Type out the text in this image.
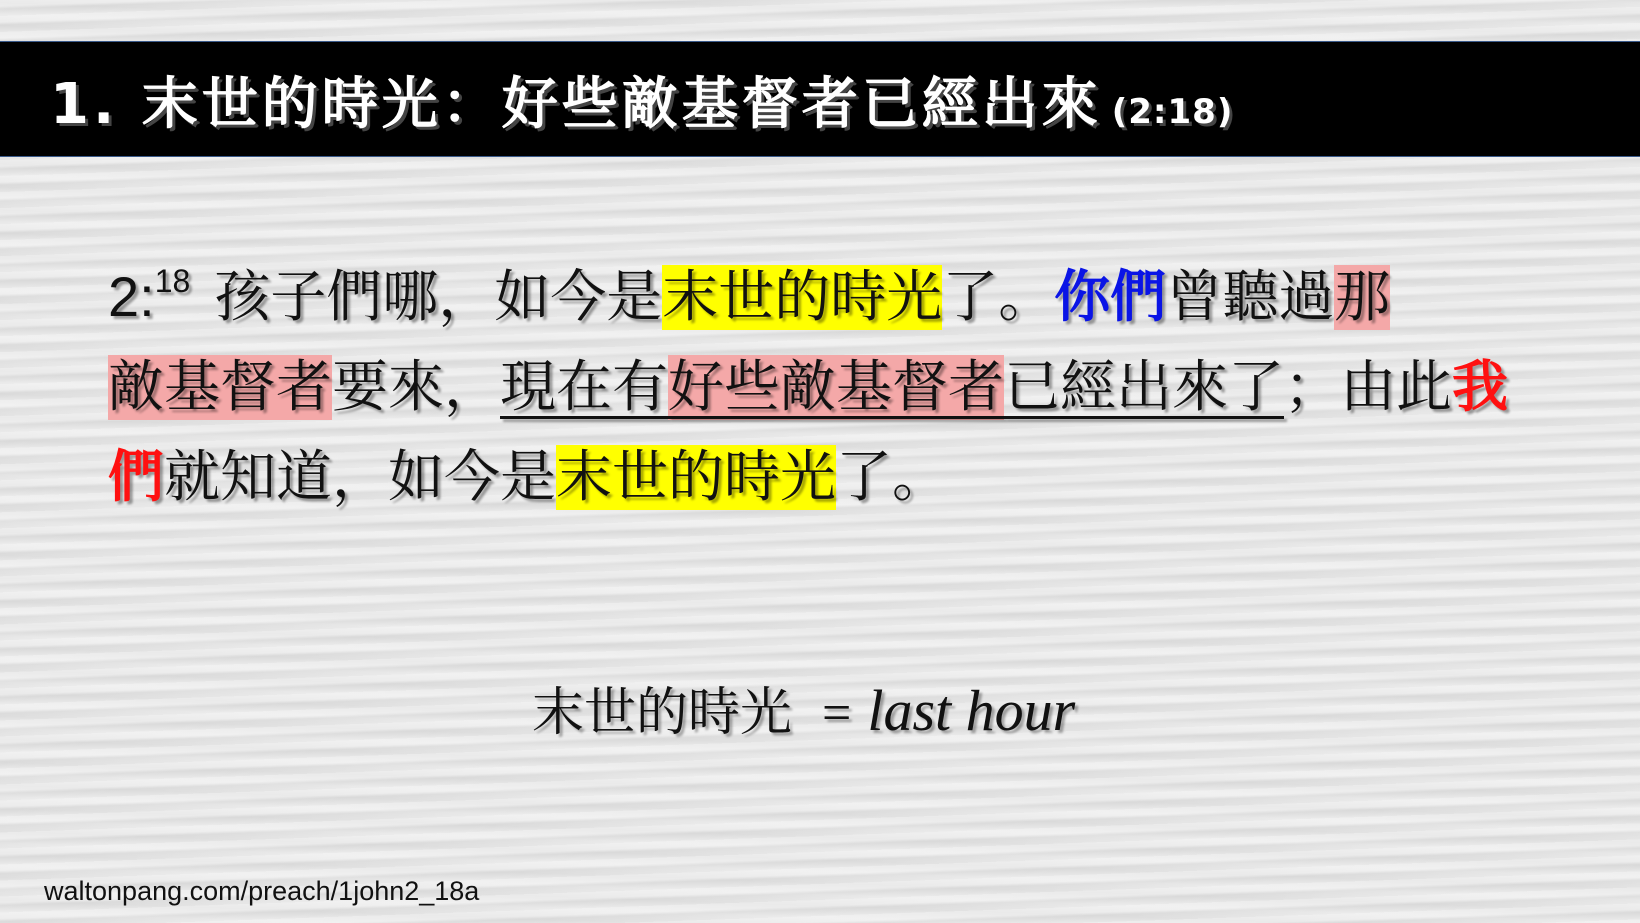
1. 末世的時光：好些敵基督者已經出來 (2:18)
2:$^{18}$ 孩子們哪，如今是末世的時光了。你們曾聽過那
敵基督者要來，現在有好些敵基督者已經出來了；由此我們就知道，如今是末世的時光了。
末世的時光 = last hour
waltonpang.com/preach/1john2_18a
